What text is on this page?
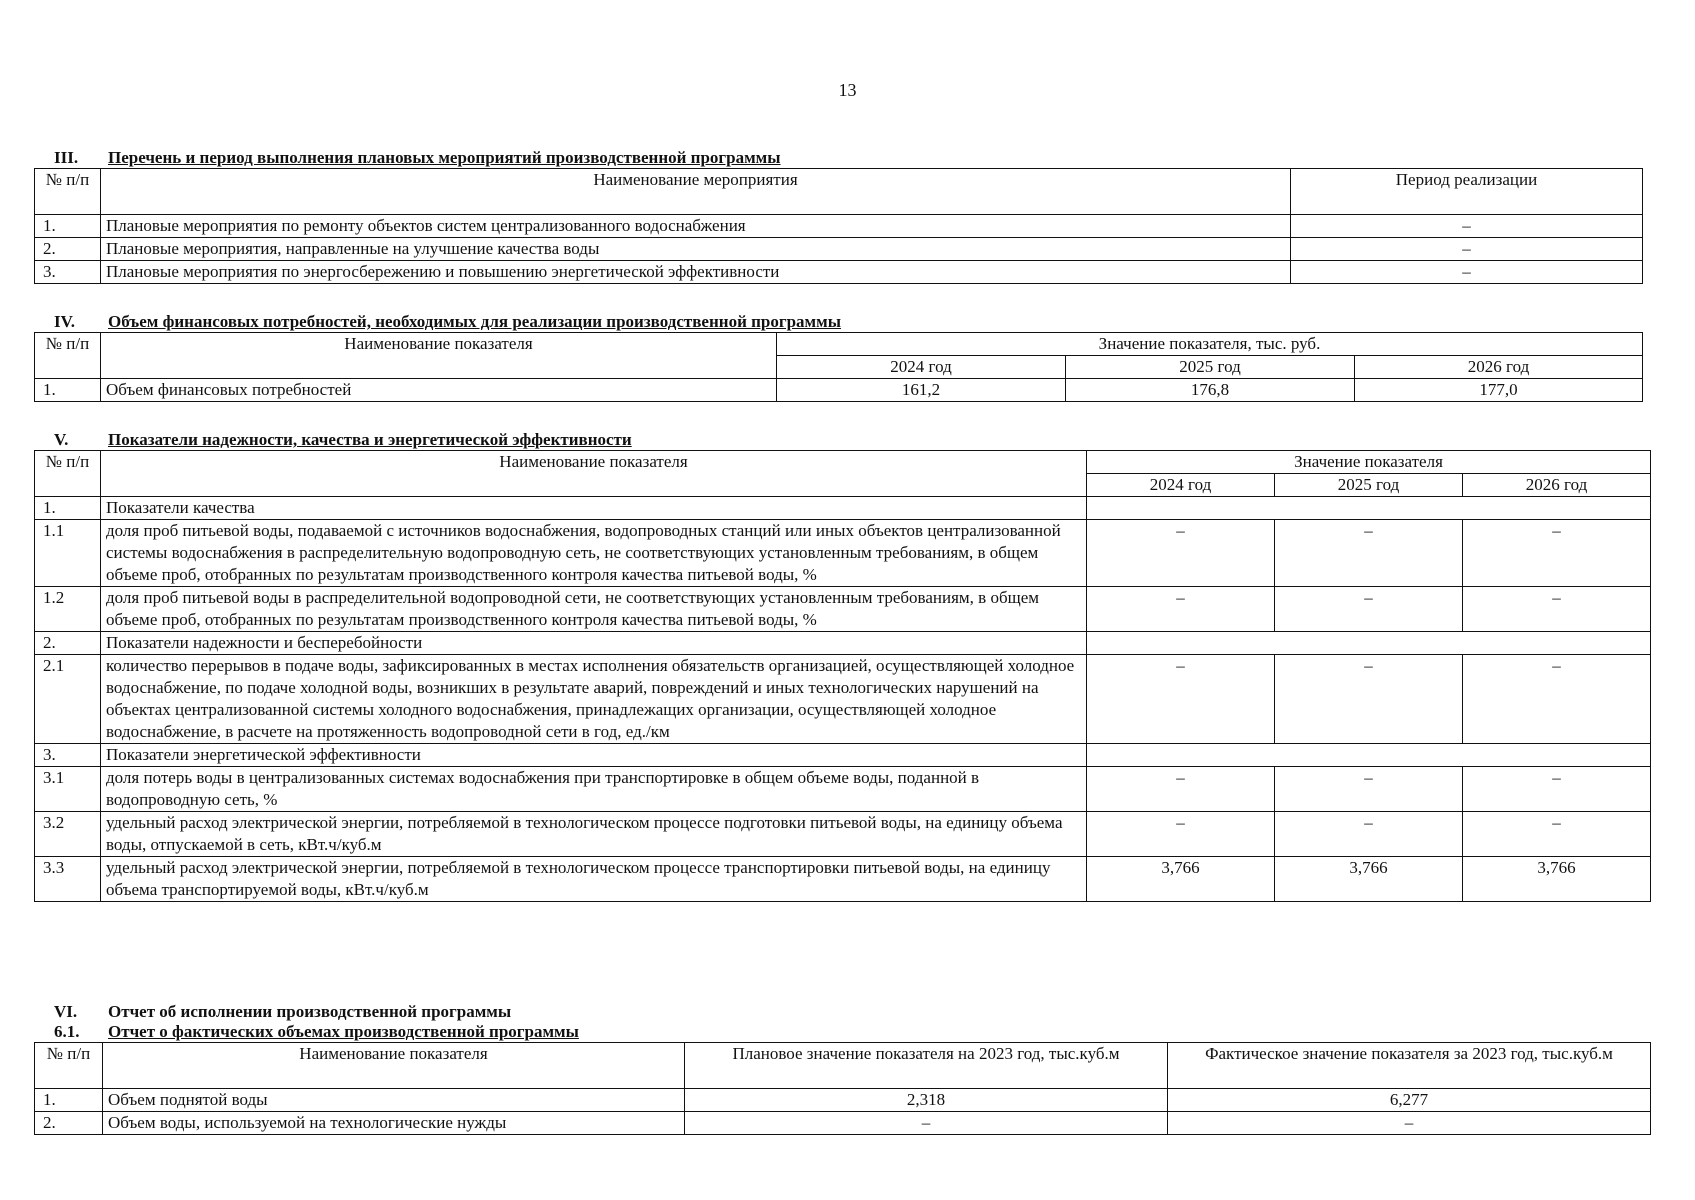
13
III.	Перечень и период выполнения плановых мероприятий производственной программы
№ п/п	Наименование мероприятия	Период реализации
1.	Плановые мероприятия по ремонту объектов систем централизованного водоснабжения	–
2.	Плановые мероприятия, направленные на улучшение качества воды	–
3.	Плановые мероприятия по энергосбережению и повышению энергетической эффективности	–
IV.	Объем финансовых потребностей, необходимых для реализации производственной программы
№ п/п	Наименование показателя	Значение показателя, тыс. руб.		
		2024 год	2025 год	2026 год
1.	Объем финансовых потребностей	161,2	176,8	177,0
V.	Показатели надежности, качества и энергетической эффективности
№ п/п	Наименование показателя	Значение показателя		
		2024 год	2025 год	2026 год
1.	Показатели качества			
1.1	доля проб питьевой воды, подаваемой с источников водоснабжения, водопроводных станций или иных объектов централизованной системы водоснабжения в распределительную водопроводную сеть, не соответствующих установленным требованиям, в общем объеме проб, отобранных по результатам производственного контроля качества питьевой воды, %	–	–	–
1.2	доля проб питьевой воды в распределительной водопроводной сети, не соответствующих установленным требованиям, в общем объеме проб, отобранных по результатам производственного контроля качества питьевой воды, %	–	–	–
2.	Показатели надежности и бесперебойности			
2.1	количество перерывов в подаче воды, зафиксированных в местах исполнения обязательств организацией, осуществляющей холодное водоснабжение, по подаче холодной воды, возникших в результате аварий, повреждений и иных технологических нарушений на объектах централизованной системы холодного водоснабжения, принадлежащих организации, осуществляющей холодное водоснабжение, в расчете на протяженность водопроводной сети в год, ед./км	–	–	–
3.	Показатели энергетической эффективности			
3.1	доля потерь воды в централизованных системах водоснабжения при транспортировке в общем объеме воды, поданной в водопроводную сеть, %	–	–	–
3.2	удельный расход электрической энергии, потребляемой в технологическом процессе подготовки питьевой воды, на единицу объема воды, отпускаемой в сеть, кВт.ч/куб.м	–	–	–
3.3	удельный расход электрической энергии, потребляемой в технологическом процессе транспортировки питьевой воды, на единицу объема транспортируемой воды, кВт.ч/куб.м	3,766	3,766	3,766
VI.	Отчет об исполнении производственной программы
6.1.	Отчет о фактических объемах производственной программы
№ п/п	Наименование показателя	Плановое значение показателя на 2023 год, тыс.куб.м	Фактическое значение показателя за 2023 год, тыс.куб.м
1.	Объем поднятой воды	2,318	6,277
2.	Объем воды, используемой на технологические нужды	–	–
